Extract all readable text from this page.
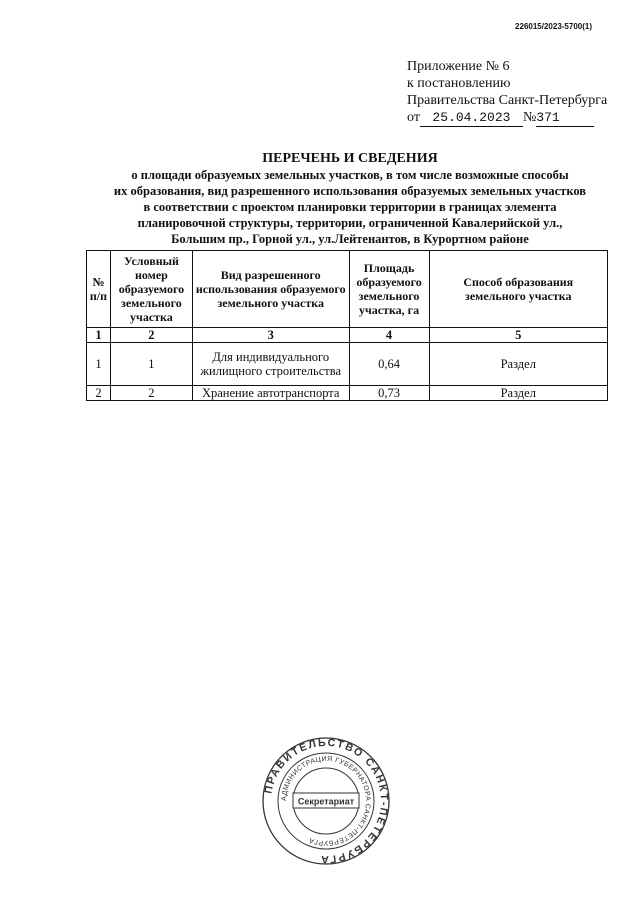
226015/2023-5700(1)
Приложение № 6
к постановлению
Правительства Санкт-Петербурга
от 25.04.2023 № 371
ПЕРЕЧЕНЬ И СВЕДЕНИЯ
о площади образуемых земельных участков, в том числе возможные способы
их образования, вид разрешенного использования образуемых земельных участков
в соответствии с проектом планировки территории в границах элемента
планировочной структуры, территории, ограниченной Кавалерийской ул.,
Большим пр., Горной ул., ул.Лейтенантов, в Курортном районе
№ п/п	Условный номер образуемого земельного участка	Вид разрешенного использования образуемого земельного участка	Площадь образуемого земельного участка, га	Способ образования земельного участка
1	2	3	4	5
1	1	Для индивидуального жилищного строительства	0,64	Раздел
2	2	Хранение автотранспорта	0,73	Раздел
ПРАВИТЕЛЬСТВО САНКТ-ПЕТЕРБУРГА
АДМИНИСТРАЦИЯ ГУБЕРНАТОРА САНКТ-ПЕТЕРБУРГА
Секретариат
